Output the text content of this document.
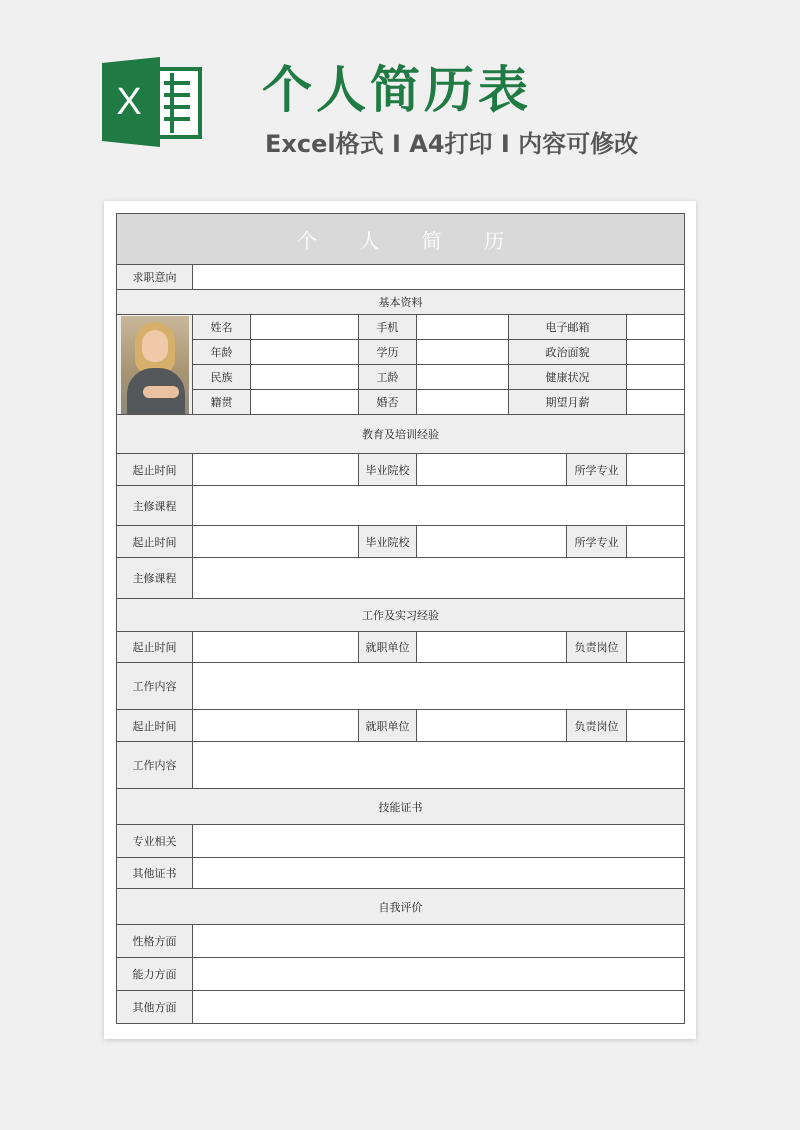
X 个人简历表
Excel格式 I A4打印 I 内容可修改
个 人 简 历							
求职意向							
基本资料							

	姓名		手机		电子邮箱		
	年龄		学历		政治面貌		
	民族		工龄		健康状况		
	籍贯		婚否		期望月薪		
教育及培训经验							
起止时间			毕业院校			所学专业	
主修课程							
起止时间			毕业院校			所学专业	
主修课程							
工作及实习经验							
起止时间			就职单位			负责岗位	
工作内容							
起止时间			就职单位			负责岗位	
工作内容							
技能证书							
专业相关							
其他证书							
自我评价							
性格方面							
能力方面							
其他方面							
